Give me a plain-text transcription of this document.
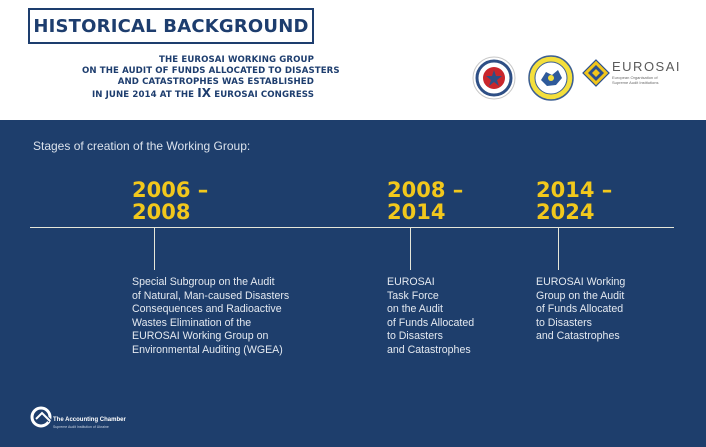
HISTORICAL BACKGROUND
THE EUROSAI WORKING GROUP
ON THE AUDIT OF FUNDS ALLOCATED TO DISASTERS
AND CATASTROPHES WAS ESTABLISHED
IN JUNE 2014 AT THE IX EUROSAI CONGRESS
EUROSAI
European Organisation of Supreme Audit Institutions
Stages of creation of the Working Group:
2006 –
2008
2008 –
2014
2014 –
2024
Special Subgroup on the Audit
of Natural, Man-caused Disasters
Consequences and Radioactive
Wastes Elimination of the
EUROSAI Working Group on
Environmental Auditing (WGEA)
EUROSAI
Task Force
on the Audit
of Funds Allocated
to Disasters
and Catastrophes
EUROSAI Working
Group on the Audit
of Funds Allocated
to Disasters
and Catastrophes
The Accounting Chamber
Supreme Audit Institution of Ukraine
